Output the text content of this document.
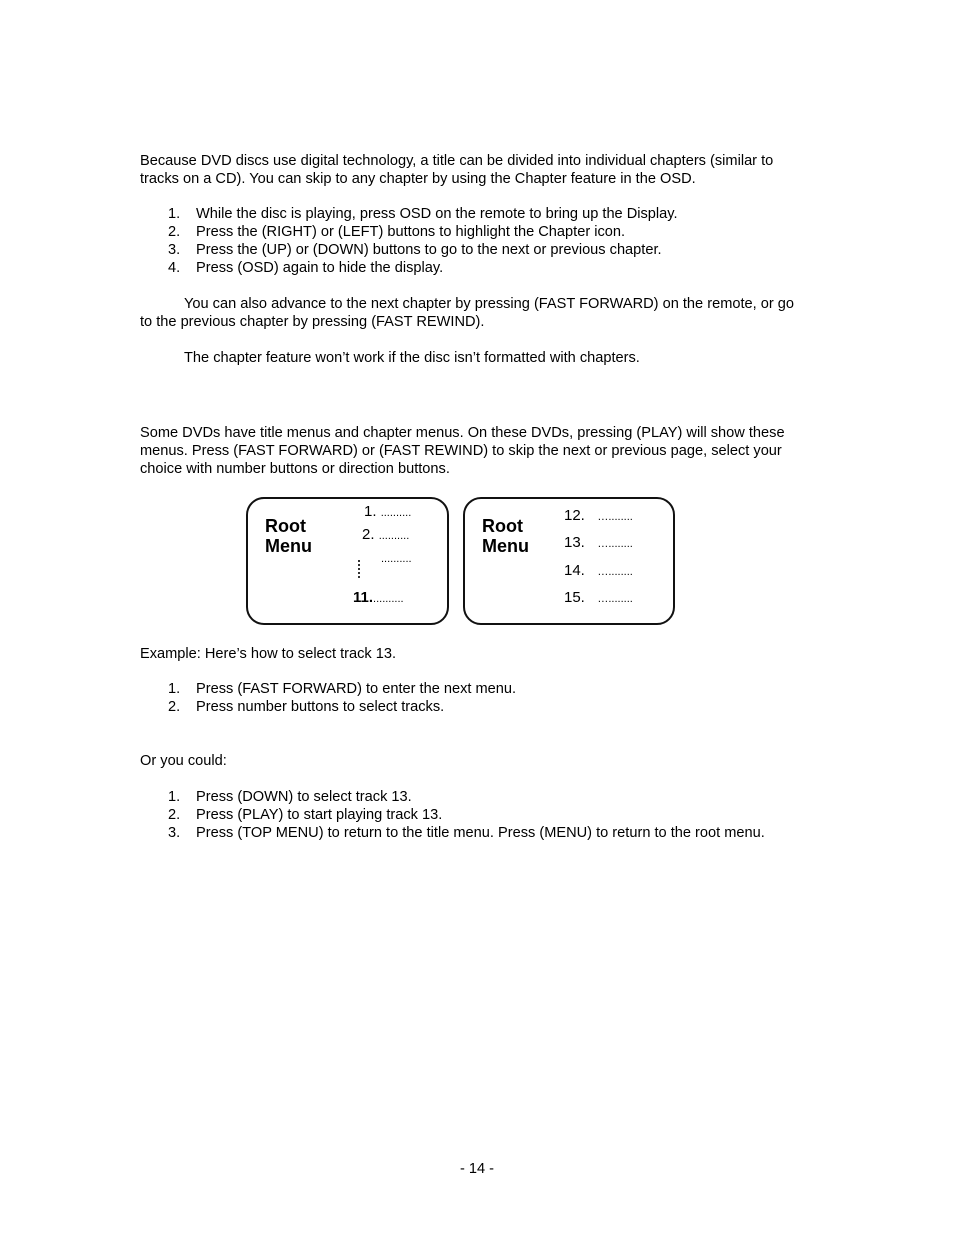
Because DVD discs use digital technology, a title can be divided into individual chapters (similar to tracks on a CD). You can skip to any chapter by using the Chapter feature in the OSD.

1. While the disc is playing, press OSD on the remote to bring up the Display.
2. Press the (RIGHT) or (LEFT) buttons to highlight the Chapter icon.
3. Press the (UP) or (DOWN) buttons to go to the next or previous chapter.
4. Press (OSD) again to hide the display.

You can also advance to the next chapter by pressing (FAST FORWARD) on the remote, or go to the previous chapter by pressing (FAST REWIND).

The chapter feature won’t work if the disc isn’t formatted with chapters.

Some DVDs have title menus and chapter menus. On these DVDs, pressing (PLAY) will show these menus. Press (FAST FORWARD) or (FAST REWIND) to skip the next or previous page, select your choice with number buttons or direction buttons.

Root
Menu
1. ..........
2. ..........
..........
11...........
Root
Menu
12. …........
13. …........
14. …........
15. …........

Example: Here’s how to select track 13.

1. Press (FAST FORWARD) to enter the next menu.
2. Press number buttons to select tracks.

Or you could:

1. Press (DOWN) to select track 13.
2. Press (PLAY) to start playing track 13.
3. Press (TOP MENU) to return to the title menu. Press (MENU) to return to the root menu.
- 14 -
